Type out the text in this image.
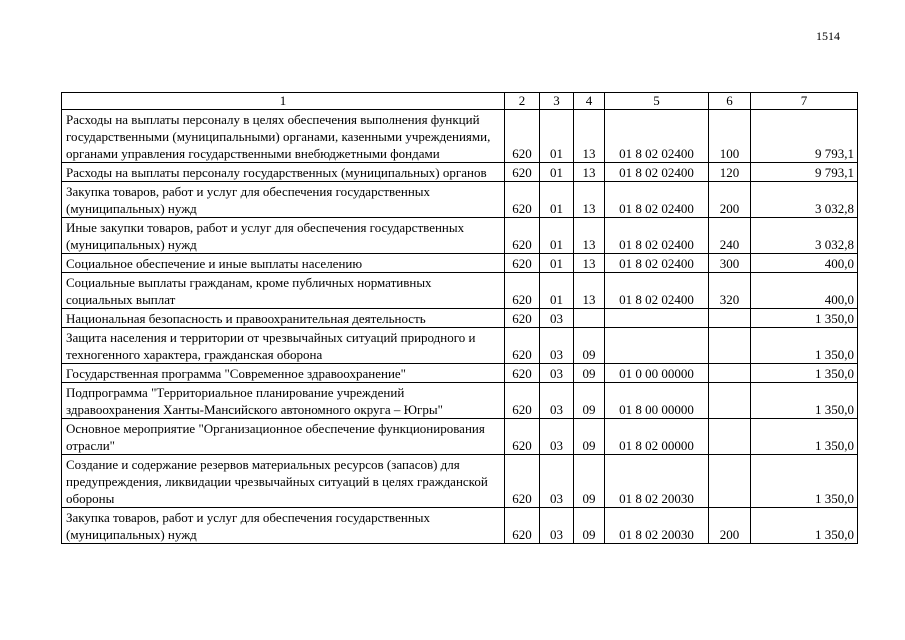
1514
1	2	3	4	5	6	7
Расходы на выплаты персоналу в целях обеспечения выполнения функций государственными (муниципальными) органами, казенными учреждениями, органами управления государственными внебюджетными фондами	620	01	13	01 8 02 02400	100	9 793,1
Расходы на выплаты персоналу государственных (муниципальных) органов	620	01	13	01 8 02 02400	120	9 793,1
Закупка товаров, работ и услуг для обеспечения государственных (муниципальных) нужд	620	01	13	01 8 02 02400	200	3 032,8
Иные закупки товаров, работ и услуг для обеспечения государственных (муниципальных) нужд	620	01	13	01 8 02 02400	240	3 032,8
Социальное обеспечение и иные выплаты населению	620	01	13	01 8 02 02400	300	400,0
Социальные выплаты гражданам, кроме публичных нормативных социальных выплат	620	01	13	01 8 02 02400	320	400,0
Национальная безопасность и правоохранительная деятельность	620	03				1 350,0
Защита населения и территории от чрезвычайных ситуаций природного и техногенного характера, гражданская оборона	620	03	09			1 350,0
Государственная программа "Современное здравоохранение"	620	03	09	01 0 00 00000		1 350,0
Подпрограмма "Территориальное планирование учреждений здравоохранения Ханты-Мансийского автономного округа – Югры"	620	03	09	01 8 00 00000		1 350,0
Основное мероприятие "Организационное обеспечение функционирования отрасли"	620	03	09	01 8 02 00000		1 350,0
Создание и содержание резервов материальных ресурсов (запасов) для предупреждения, ликвидации чрезвычайных ситуаций в целях гражданской обороны	620	03	09	01 8 02 20030		1 350,0
Закупка товаров, работ и услуг для обеспечения государственных (муниципальных) нужд	620	03	09	01 8 02 20030	200	1 350,0
